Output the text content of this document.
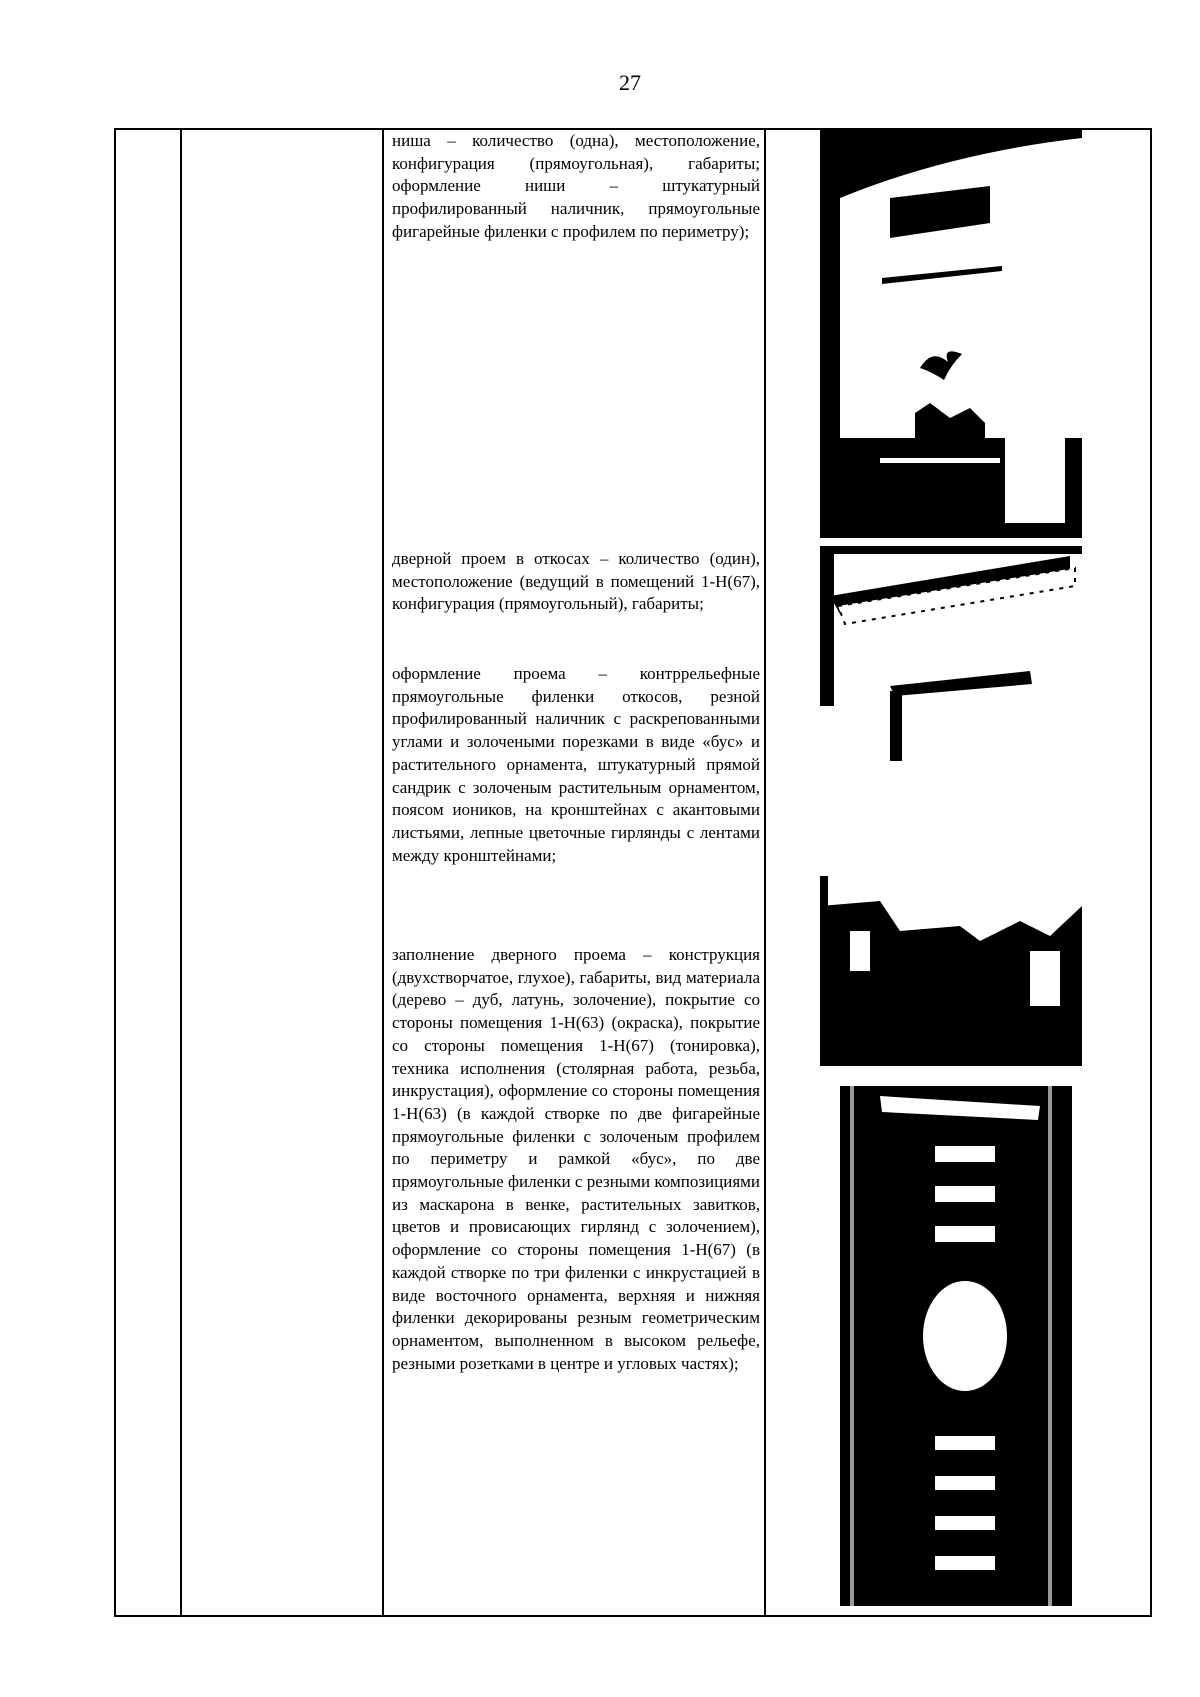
27

ниша – количество (одна), местоположение, конфигурация (прямоугольная), габариты; оформление ниши – штукатурный профилированный наличник, прямоугольные фигарейные филенки с профилем по периметру);

дверной проем в откосах – количество (один), местоположение (ведущий в помещений 1-Н(67), конфигурация (прямоугольный), габариты;

оформление проема – контррельефные прямоугольные филенки откосов, резной профилированный наличник с раскрепованными углами и золочеными порезками в виде «бус» и растительного орнамента, штукатурный прямой сандрик с золоченым растительным орнаментом, поясом иоников, на кронштейнах с акантовыми листьями, лепные цветочные гирлянды с лентами между кронштейнами;

заполнение дверного проема – конструкция (двухстворчатое, глухое), габариты, вид материала (дерево – дуб, латунь, золочение), покрытие со стороны помещения 1-Н(63) (окраска), покрытие со стороны помещения 1-Н(67) (тонировка), техника исполнения (столярная работа, резьба, инкрустация), оформление со стороны помещения 1-Н(63) (в каждой створке по две фигарейные прямоугольные филенки с золоченым профилем по периметру и рамкой «бус», по две прямоугольные филенки с резными композициями из маскарона в венке, растительных завитков, цветов и провисающих гирлянд с золочением), оформление со стороны помещения 1-Н(67) (в каждой створке по три филенки с инкрустацией в виде восточного орнамента, верхняя и нижняя филенки декорированы резным геометрическим орнаментом, выполненном в высоком рельефе, резными розетками в центре и угловых частях);
